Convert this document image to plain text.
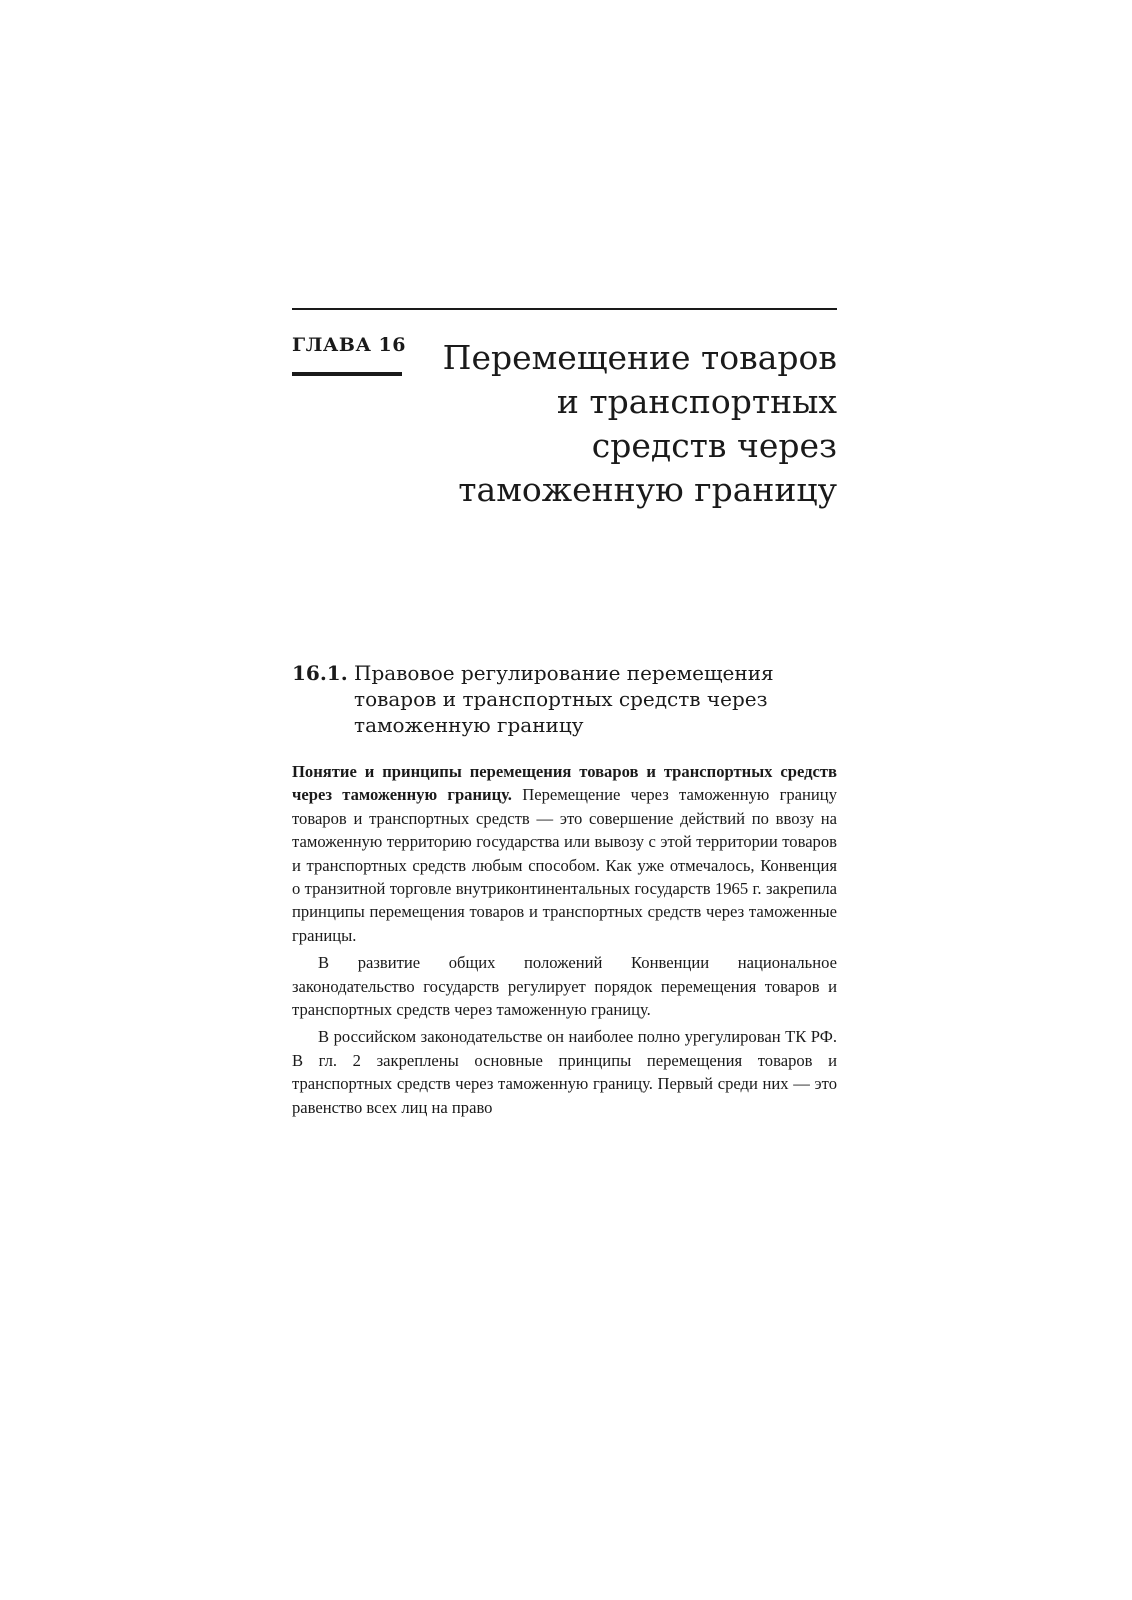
ГЛАВА 16	Перемещение товаров
и транспортных
средств через
таможенную границу
16.1. Правовое регулирование перемещения товаров и транспортных средств через таможенную границу

Понятие и принципы перемещения товаров и транспортных средств через таможенную границу. Перемещение через таможенную границу товаров и транспортных средств — это совершение действий по ввозу на таможенную территорию государства или вывозу с этой территории товаров и транспортных средств любым способом. Как уже отмечалось, Конвенция о транзитной торговле внутриконтинентальных государств 1965 г. закрепила принципы перемещения товаров и транспортных средств через таможенные границы.

В развитие общих положений Конвенции национальное законодательство государств регулирует порядок перемещения товаров и транспортных средств через таможенную границу.

В российском законодательстве он наиболее полно урегулирован ТК РФ. В гл. 2 закреплены основные принципы перемещения товаров и транспортных средств через таможенную границу. Первый среди них — это равенство всех лиц на право
